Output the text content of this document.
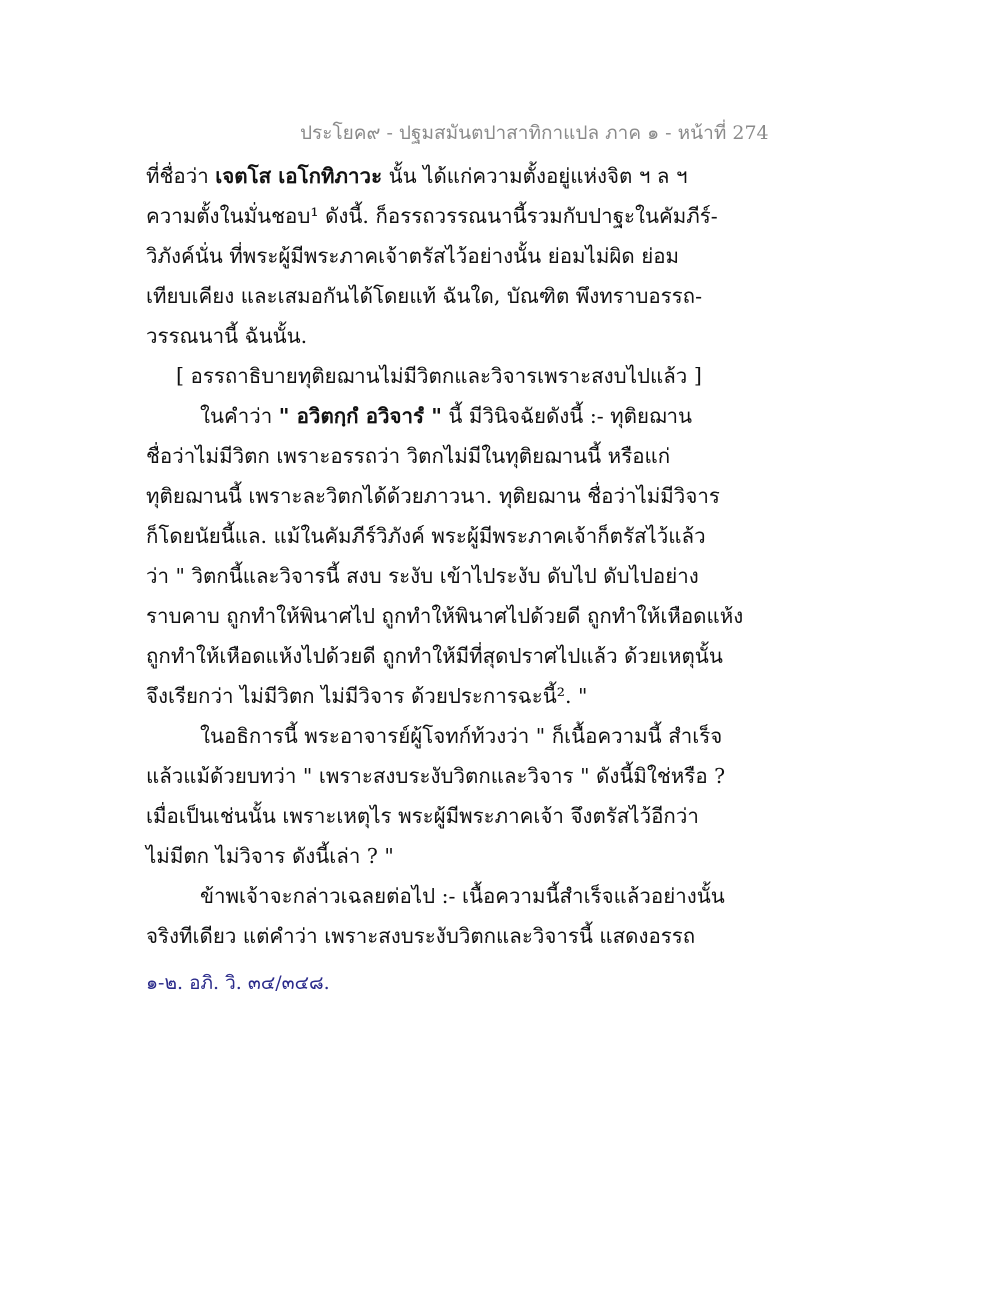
ประโยค๙ - ปฐมสมันตปาสาทิกาแปล ภาค ๑ - หน้าที่ 274
ที่ชื่อว่า เจตโส เอโกทิภาวะ นั้น ได้แก่ความตั้งอยู่แห่งจิต ฯ ล ฯ
ความตั้งในมั่นชอบ¹ ดังนี้. ก็อรรถวรรณนานี้รวมกับปาฐะในคัมภีร์-
วิภังค์นั่น ที่พระผู้มีพระภาคเจ้าตรัสไว้อย่างนั้น ย่อมไม่ผิด ย่อม
เทียบเคียง และเสมอกันได้โดยแท้ ฉันใด, บัณฑิต พึงทราบอรรถ-
วรรณนานี้ ฉันนั้น.
[ อรรถาธิบายทุติยฌานไม่มีวิตกและวิจารเพราะสงบไปแล้ว ]
ในคำว่า " อวิตกฺกํ อวิจารํ " นี้ มีวินิจฉัยดังนี้ :- ทุติยฌาน
ชื่อว่าไม่มีวิตก เพราะอรรถว่า วิตกไม่มีในทุติยฌานนี้ หรือแก่
ทุติยฌานนี้ เพราะละวิตกได้ด้วยภาวนา. ทุติยฌาน ชื่อว่าไม่มีวิจาร
ก็โดยนัยนี้แล. แม้ในคัมภีร์วิภังค์ พระผู้มีพระภาคเจ้าก็ตรัสไว้แล้ว
ว่า " วิตกนี้และวิจารนี้ สงบ ระงับ เข้าไประงับ ดับไป ดับไปอย่าง
ราบคาบ ถูกทำให้พินาศไป ถูกทำให้พินาศไปด้วยดี ถูกทำให้เหือดแห้ง
ถูกทำให้เหือดแห้งไปด้วยดี ถูกทำให้มีที่สุดปราศไปแล้ว ด้วยเหตุนั้น
จึงเรียกว่า ไม่มีวิตก ไม่มีวิจาร ด้วยประการฉะนี้². "
ในอธิการนี้ พระอาจารย์ผู้โจทก์ท้วงว่า " ก็เนื้อความนี้ สำเร็จ
แล้วแม้ด้วยบทว่า " เพราะสงบระงับวิตกและวิจาร " ดังนี้มิใช่หรือ ?
เมื่อเป็นเช่นนั้น เพราะเหตุไร พระผู้มีพระภาคเจ้า จึงตรัสไว้อีกว่า
ไม่มีตก ไม่วิจาร ดังนี้เล่า ? "
ข้าพเจ้าจะกล่าวเฉลยต่อไป :- เนื้อความนี้สำเร็จแล้วอย่างนั้น
จริงทีเดียว แต่คำว่า เพราะสงบระงับวิตกและวิจารนี้ แสดงอรรถ
๑-๒. อภิ. วิ. ๓๔/๓๔๘.
